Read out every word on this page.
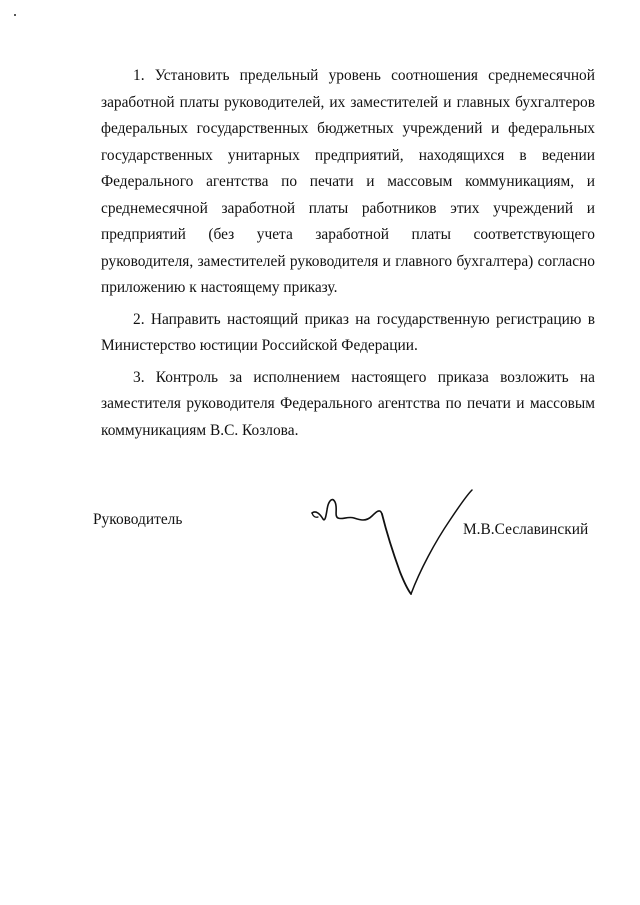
1. Установить предельный уровень соотношения среднемесячной заработной платы руководителей, их заместителей и главных бухгалтеров федеральных государственных бюджетных учреждений и федеральных государственных унитарных предприятий, находящихся в ведении Федерального агентства по печати и массовым коммуникациям, и среднемесячной заработной платы работников этих учреждений и предприятий (без учета заработной платы соответствующего руководителя, заместителей руководителя и главного бухгалтера) согласно приложению к настоящему приказу.

2. Направить настоящий приказ на государственную регистрацию в Министерство юстиции Российской Федерации.

3. Контроль за исполнением настоящего приказа возложить на заместителя руководителя Федерального агентства по печати и массовым коммуникациям В.С. Козлова.

Руководитель
М.В.Сеславинский
